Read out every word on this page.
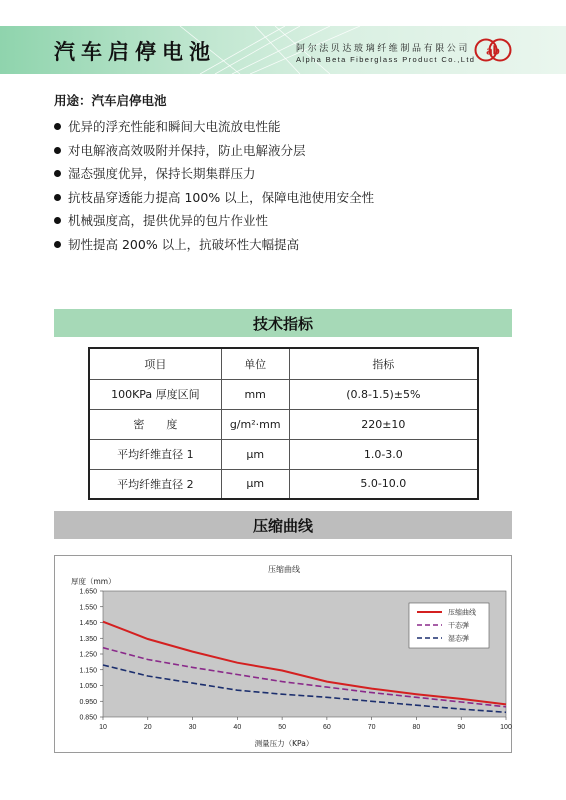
汽车启停电池	阿尔法贝达玻璃纤维制品有限公司
Alpha Beta Fiberglass Product Co.,Ltd
ab
用途：汽车启停电池
优异的浮充性能和瞬间大电流放电性能
对电解液高效吸附并保持，防止电解液分层
湿态强度优异，保持长期集群压力
抗枝晶穿透能力提高 100% 以上，保障电池使用安全性
机械强度高，提供优异的包片作业性
韧性提高 200% 以上，抗破坏性大幅提高
技术指标
项目	单位	指标
100KPa 厚度区间	mm	(0.8-1.5)±5%
密　　度	g/m²·mm	220±10
平均纤维直径 1	μm	1.0-3.0
平均纤维直径 2	μm	5.0-10.0
压缩曲线
压缩曲线
厚度（mm）
测量压力（KPa）
1.650
1.550
1.450
1.350
1.250
1.150
1.050
0.950
0.850
10	20	30	40	50	60	70	80	90	100
压缩曲线
干态弹
湿态弹
